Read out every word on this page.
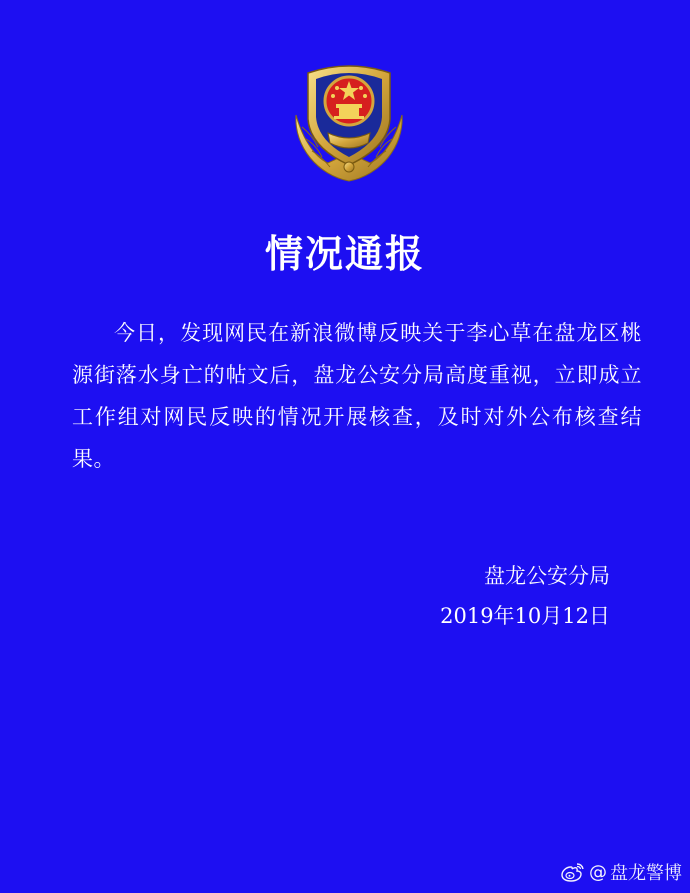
情况通报

今日，发现网民在新浪微博反映关于李心草在盘龙区桃源街落水身亡的帖文后，盘龙公安分局高度重视，立即成立工作组对网民反映的情况开展核查，及时对外公布核查结果。

盘龙公安分局
2019年10月12日
@ 盘龙警博
